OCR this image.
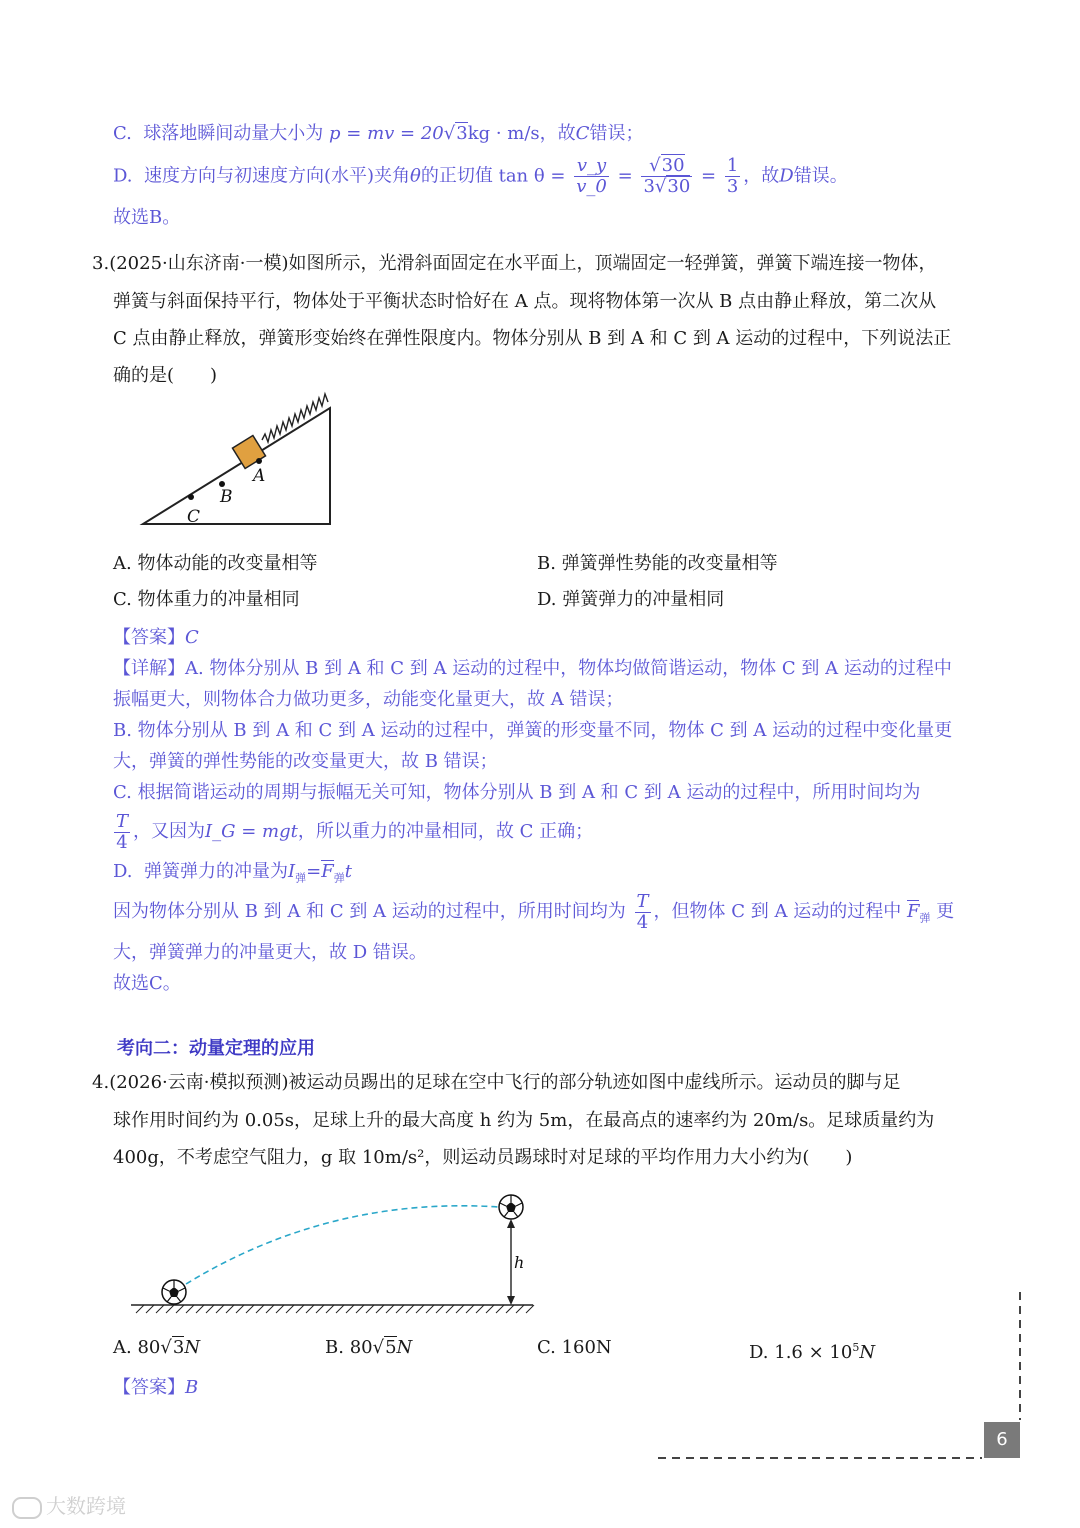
C. 球落地瞬间动量大小为 p = mv = 20√3kg · m/s，故C错误；
D. 速度方向与初速度方向(水平)夹角θ的正切值 $\tan \theta = \frac{v\_y}{v\_0} = \frac{√30}{3√30} = \frac{1}{3}$ ，故D错误。
故选B。
3.(2025·山东济南·一模)如图所示，光滑斜面固定在水平面上，顶端固定一轻弹簧，弹簧下端连接一物体，
弹簧与斜面保持平行，物体处于平衡状态时恰好在 A 点。现将物体第一次从 B 点由静止释放，第二次从
C 点由静止释放，弹簧形变始终在弹性限度内。物体分别从 B 到 A 和 C 到 A 运动的过程中，下列说法正
确的是(　　)
A
B
C
A. 物体动能的改变量相等	B. 弹簧弹性势能的改变量相等
C. 物体重力的冲量相同	D. 弹簧弹力的冲量相同
【答案】C
【详解】A. 物体分别从 B 到 A 和 C 到 A 运动的过程中，物体均做简谐运动，物体 C 到 A 运动的过程中
振幅更大，则物体合力做功更多，动能变化量更大，故 A 错误；
B. 物体分别从 B 到 A 和 C 到 A 运动的过程中，弹簧的形变量不同，物体 C 到 A 运动的过程中变化量更
大，弹簧的弹性势能的改变量更大，故 B 错误；
C. 根据简谐运动的周期与振幅无关可知，物体分别从 B 到 A 和 C 到 A 运动的过程中，所用时间均为
$\frac{T}{4}$ ，又因为I_G = mgt，所以重力的冲量相同，故 C 正确；
D. 弹簧弹力的冲量为$I_弹=F_弹t$
因为物体分别从 B 到 A 和 C 到 A 运动的过程中，所用时间均为 $\frac{T}{4}$ ，但物体 C 到 A 运动的过程中 $F_弹$ 更
大，弹簧弹力的冲量更大，故 D 错误。
故选C。
考向二：动量定理的应用
4.(2026·云南·模拟预测)被运动员踢出的足球在空中飞行的部分轨迹如图中虚线所示。运动员的脚与足
球作用时间约为 0.05s，足球上升的最大高度 h 约为 5m，在最高点的速率约为 20m/s。足球质量约为
400g，不考虑空气阻力，g 取 10m/s²，则运动员踢球时对足球的平均作用力大小约为(　　)
h
A. 80√3N	B. 80√5N	C. 160N	D. $1.6 \times 10^5N$
【答案】B
6
大数跨境
